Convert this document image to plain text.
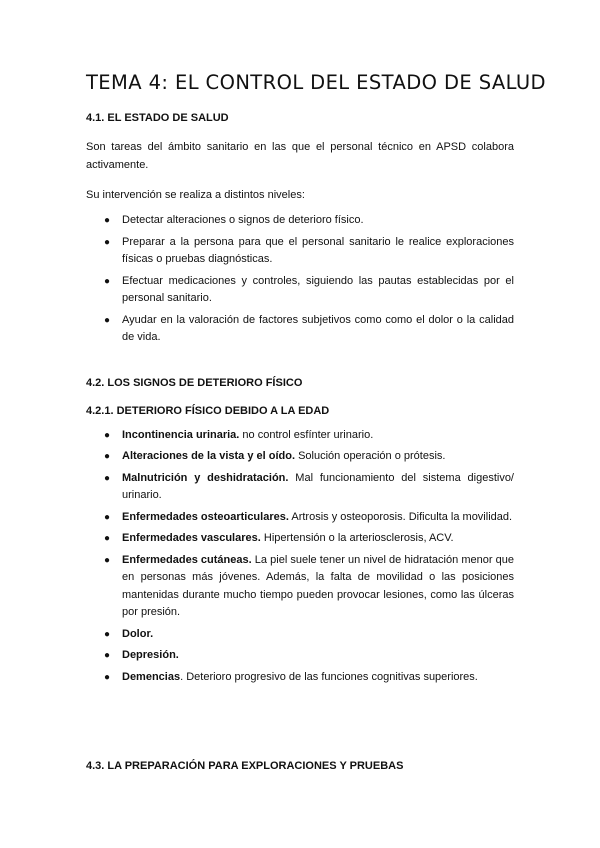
TEMA 4: EL CONTROL DEL ESTADO DE SALUD
4.1. EL ESTADO DE SALUD

Son tareas del ámbito sanitario en las que el personal técnico en APSD colabora activamente.

Su intervención se realiza a distintos niveles:

● Detectar alteraciones o signos de deterioro físico.
● Preparar a la persona para que el personal sanitario le realice exploraciones físicas o pruebas diagnósticas.
● Efectuar medicaciones y controles, siguiendo las pautas establecidas por el personal sanitario.
● Ayudar en la valoración de factores subjetivos como como el dolor o la calidad de vida.
4.2. LOS SIGNOS DE DETERIORO FÍSICO
4.2.1. DETERIORO FÍSICO DEBIDO A LA EDAD
● Incontinencia urinaria. no control esfínter urinario.
● Alteraciones de la vista y el oído. Solución operación o prótesis.
● Malnutrición y deshidratación. Mal funcionamiento del sistema digestivo/ urinario.
● Enfermedades osteoarticulares. Artrosis y osteoporosis. Dificulta la movilidad.
● Enfermedades vasculares. Hipertensión o la arteriosclerosis, ACV.
● Enfermedades cutáneas. La piel suele tener un nivel de hidratación menor que en personas más jóvenes. Además, la falta de movilidad o las posiciones mantenidas durante mucho tiempo pueden provocar lesiones, como las úlceras por presión.
● Dolor.
● Depresión.
● Demencias. Deterioro progresivo de las funciones cognitivas superiores.
4.3. LA PREPARACIÓN PARA EXPLORACIONES Y PRUEBAS
